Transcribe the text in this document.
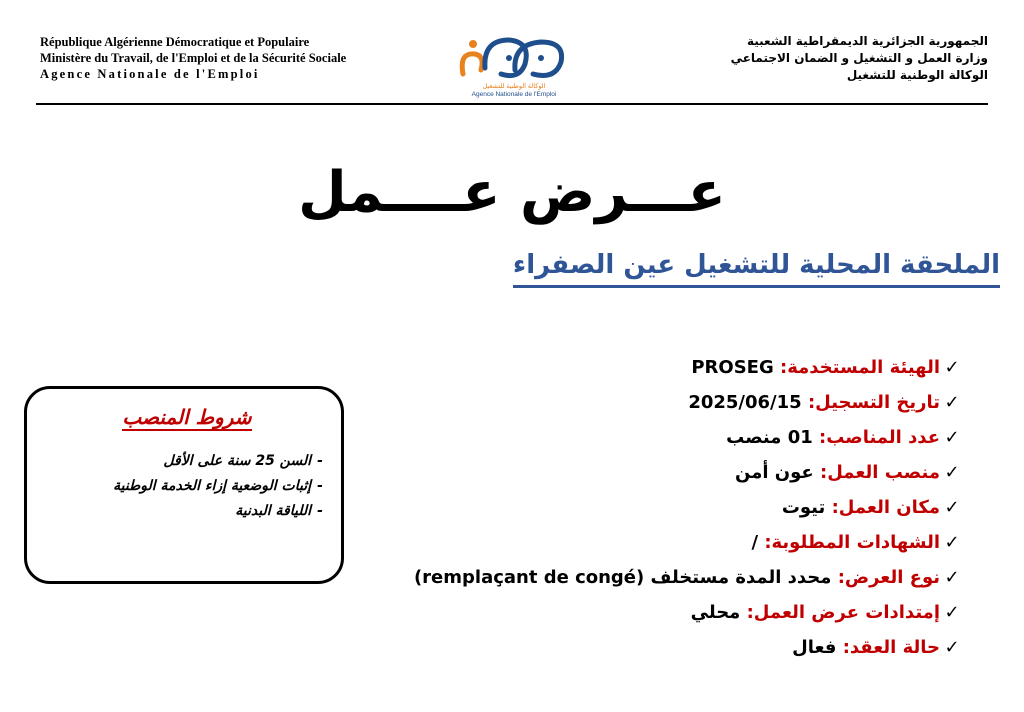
République Algérienne Démocratique et Populaire
Ministère du Travail, de l'Emploi et de la Sécurité Sociale
Agence Nationale de l'Emploi
الوكالة الوطنية للتشغيل
Agence Nationale de l'Emploi
الجمهورية الجزائرية الديمقراطية الشعبية
وزارة العمل و التشغيل و الضمان الاجتماعي
الوكالة الوطنية للتشغيل
عـــرض عــــمل
الملحقة المحلية للتشغيل عين الصفراء
✓الهيئة المستخدمة: PROSEG
✓تاريخ التسجيل: 2025/06/15
✓عدد المناصب: 01 منصب
✓منصب العمل: عون أمن
✓مكان العمل: تيوت
✓الشهادات المطلوبة: /
✓نوع العرض: محدد المدة مستخلف (remplaçant de congé)
✓إمتدادات عرض العمل: محلي
✓حالة العقد: فعال
شروط المنصب
-السن 25 سنة على الأقل
-إثبات الوضعية إزاء الخدمة الوطنية
-اللياقة البدنية
